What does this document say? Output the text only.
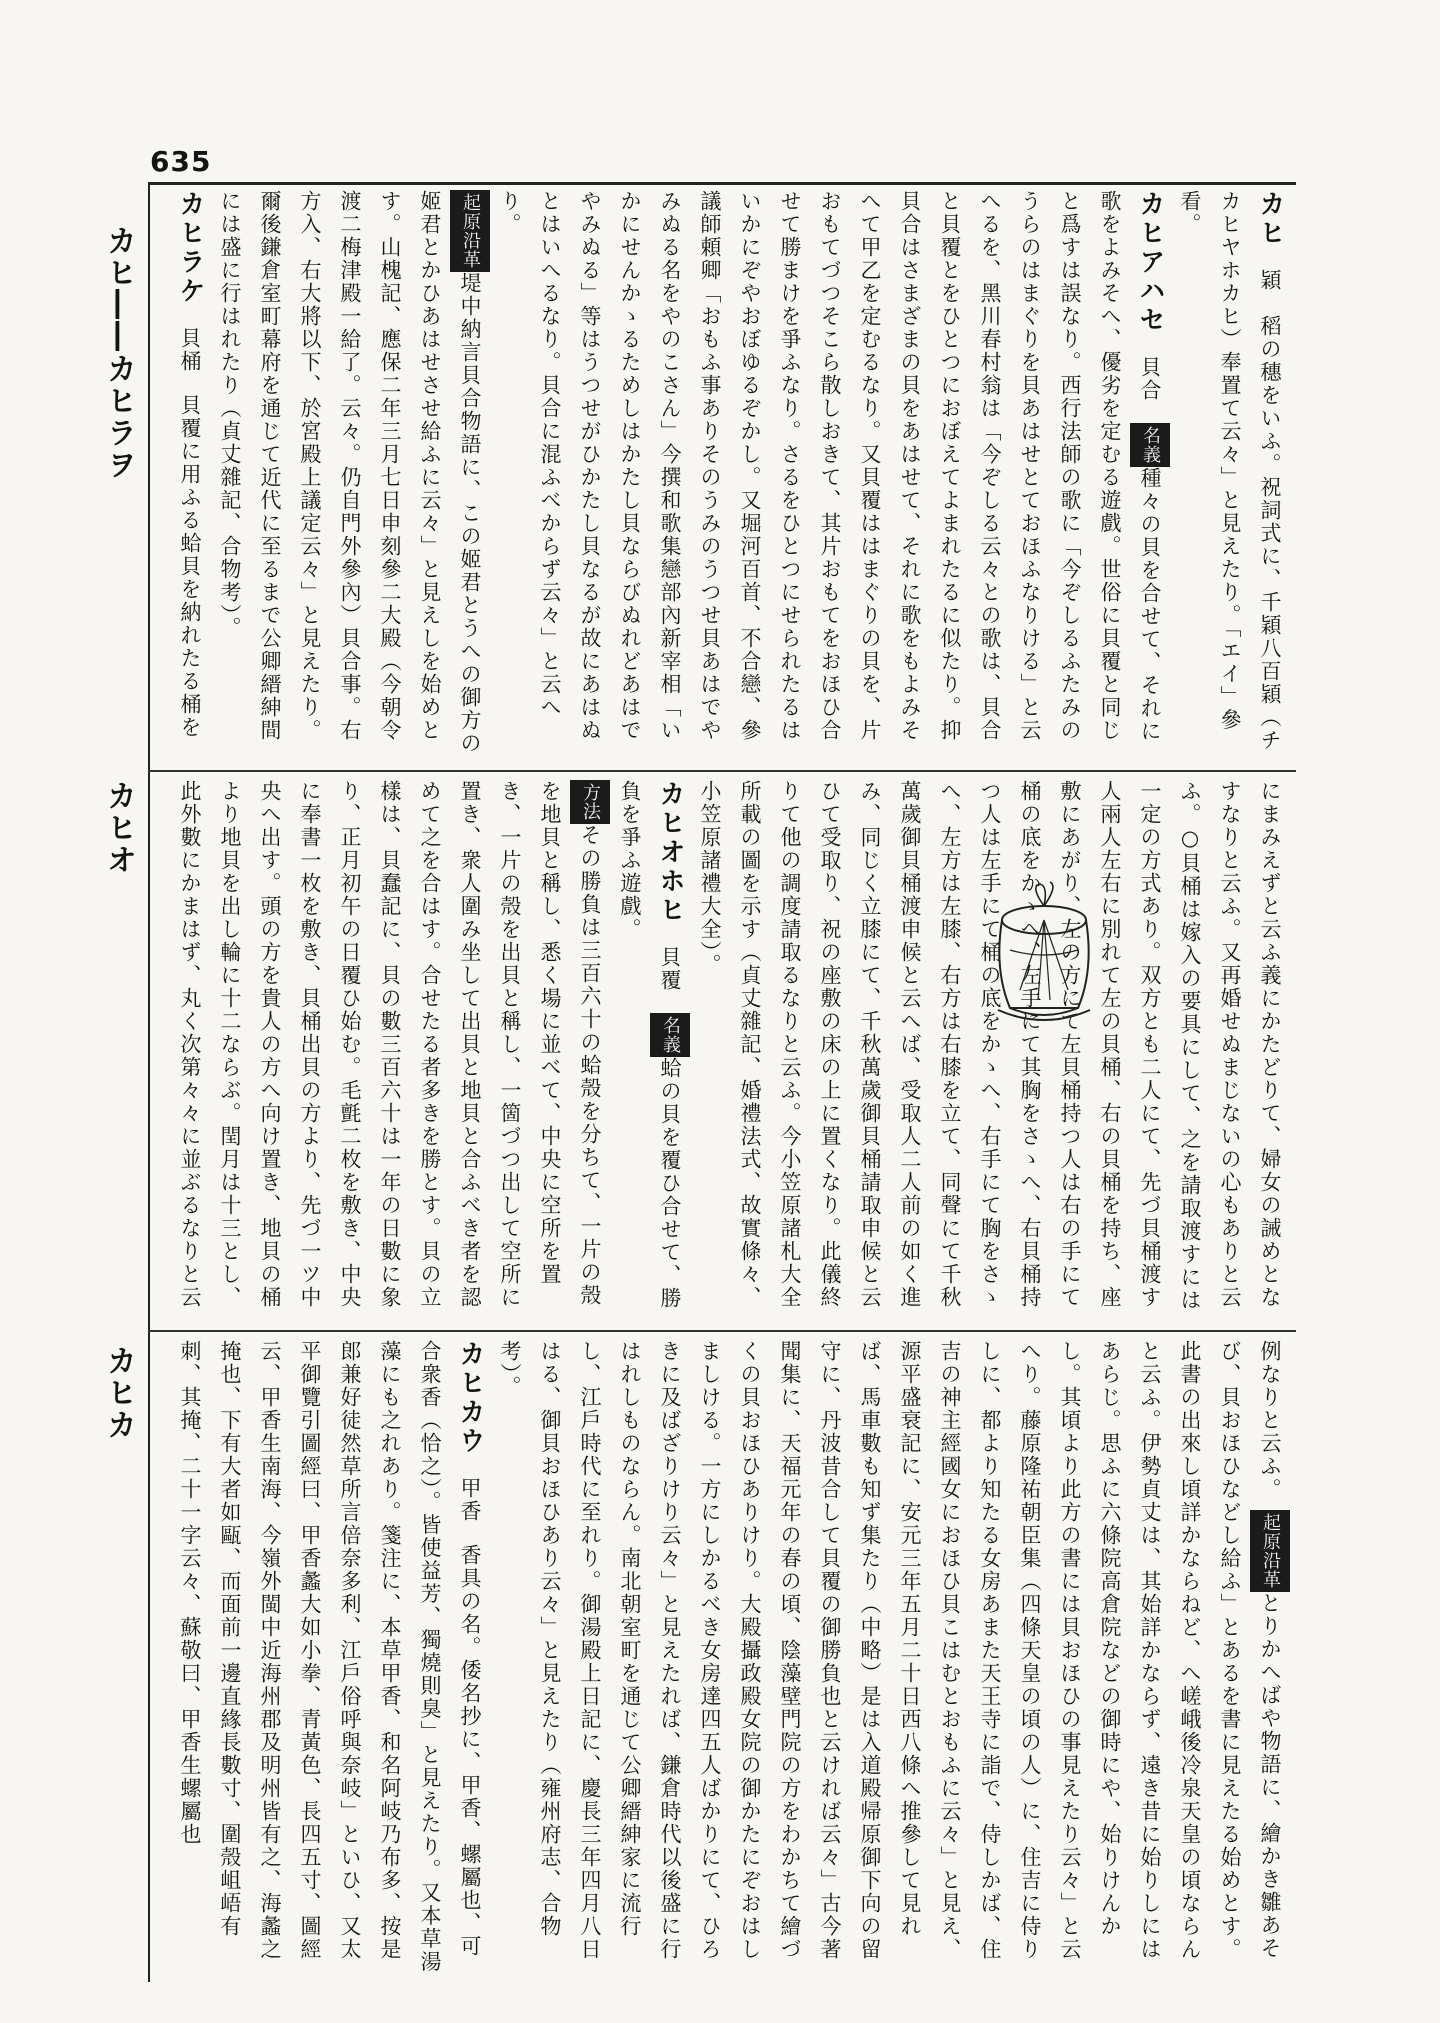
635
カヒ――カヒラヲ
カヒオ
カヒカ
カヒ穎　稻の穗をいふ。祝詞式に、千穎八百穎（チカヒヤホカヒ）奉置て云々」と見えたり。「エイ」參看。
カヒアハセ貝合名義種々の貝を合せて、それに歌をよみそへ、優劣を定むる遊戲。世俗に貝覆と同じと爲すは誤なり。西行法師の歌に「今ぞしるふたみのうらのはまぐりを貝あはせとておほふなりける」と云へるを、黑川春村翁は「今ぞしる云々との歌は、貝合と貝覆とをひとつにおぼえてよまれたるに似たり。抑貝合はさまざまの貝をあはせて、それに歌をもよみそへて甲乙を定むるなり。又貝覆ははまぐりの貝を、片おもてづつそこら散しおきて、其片おもてをおほひ合せて勝まけを爭ふなり。さるをひとつにせられたるはいかにぞやおぼゆるぞかし。又堀河百首、不合戀、參議師頼卿「おもふ事ありそのうみのうつせ貝あはでやみぬる名をやのこさん」今撰和歌集戀部內新宰相「いかにせんかゝるためしはかたし貝ならびぬれどあはでやみぬる」等はうつせがひかたし貝なるが故にあはぬとはいへるなり。貝合に混ふべからず云々」と云へり。
起原沿革堤中納言貝合物語に、この姬君とうへの御方の姬君とかひあはせさせ給ふに云々」と見えしを始めとす。山槐記、應保二年三月七日申刻參二大殿（今朝令渡二梅津殿一給了。云々。仍自門外參內）貝合事。右方入、右大將以下、於宮殿上議定云々」と見えたり。爾後鎌倉室町幕府を通じて近代に至るまで公卿縉紳間には盛に行はれたり（貞丈雜記、合物考）。
カヒラケ貝桶貝覆に用ふる蛤貝を納れたる桶を
にまみえずと云ふ義にかたどりて、婦女の誡めとなすなりと云ふ。又再婚せぬまじないの心もありと云ふ。○貝桶は嫁入の要具にして、之を請取渡すには一定の方式あり。双方とも二人にて、先づ貝桶渡す人兩人左右に別れて左の貝桶、右の貝桶を持ち、座敷にあがり、左の方にて左貝桶持つ人は右の手にて桶の底をかゝへ、左手にて其胸をさゝへ、右貝桶持つ人は左手にて桶の底をかゝへ、右手にて胸をさゝへ、左方は左膝、右方は右膝を立て、同聲にて千秋萬歲御貝桶渡申候と云へば、受取人二人前の如く進み、同じく立膝にて、千秋萬歲御貝桶請取申候と云ひて受取り、祝の座敷の床の上に置くなり。此儀終りて他の調度請取るなりと云ふ。今小笠原諸札大全所載の圖を示す（貞丈雜記、婚禮法式、故實條々、小笠原諸禮大全）。
カヒオホヒ貝覆名義蛤の貝を覆ひ合せて、勝負を爭ふ遊戲。
方法その勝負は三百六十の蛤殼を分ちて、一片の殼を地貝と稱し、悉く場に並べて、中央に空所を置き、一片の殼を出貝と稱し、一箇づつ出して空所に置き、衆人圍み坐して出貝と地貝と合ふべき者を認めて之を合はす。合せたる者多きを勝とす。貝の立樣は、貝蠢記に、貝の數三百六十は一年の日數に象り、正月初午の日覆ひ始む。毛氈二枚を敷き、中央に奉書一枚を敷き、貝桶出貝の方より、先づ一ツ中央へ出す。頭の方を貴人の方へ向け置き、地貝の桶より地貝を出し輪に十二ならぶ。閏月は十三とし、此外數にかまはず、丸く次第々々に並ぶるなりと云
例なりと云ふ。 起原沿革とりかへばや物語に、繪かき雛あそび、貝おほひなどし給ふ」とあるを書に見えたる始めとす。此書の出來し頃詳かならねど、へ嵯峨後冷泉天皇の頃ならんと云ふ。伊勢貞丈は、其始詳かならず、遠き昔に始りしにはあらじ。思ふに六條院高倉院などの御時にや、始りけんかし。其頃より此方の書には貝おほひの事見えたり云々」と云へり。藤原隆祐朝臣集（四條天皇の頃の人）に、住吉に侍りしに、都より知たる女房あまた天王寺に詣で、侍しかば、住吉の神主經國女におほひ貝こはむとおもふに云々」と見え、源平盛衰記に、安元三年五月二十日西八條へ推參して見れば、馬車數も知ず集たり（中略）是は入道殿帰原御下向の留守に、丹波昔合して貝覆の御勝負也と云ければ云々」古今著聞集に、天福元年の春の頃、陰藻壁門院の方をわかちて繪づくの貝おほひありけり。大殿攝政殿女院の御かたにぞおはしましける。一方にしかるべき女房達四五人ばかりにて、ひろきに及ばざりけり云々」と見えたれば、鎌倉時代以後盛に行はれしものならん。南北朝室町を通じて公卿縉紳家に流行し、江戶時代に至れり。御湯殿上日記に、慶長三年四月八日はる、御貝おほひあり云々」と見えたり（雍州府志、合物考）。
カヒカウ甲香香具の名。倭名抄に、甲香、螺屬也、可合衆香（恰之）。皆使益芳、獨燒則臭」と見えたり。又本草湯藻にも之れあり。箋注に、本草甲香、和名阿岐乃布多、按是郎兼好徒然草所言倍奈多利、江戶俗呼與奈岐」といひ、又太平御覽引圖經曰、甲香蠡大如小拳、青黃色、長四五寸、圖經云、甲香生南海、今嶺外閩中近海州郡及明州皆有之、海蠡之掩也、下有大者如甌、而面前一邊直緣長數寸、圍殼岨峿有刺、其掩、二十一字云々、蘇敬曰、甲香生螺屬也
